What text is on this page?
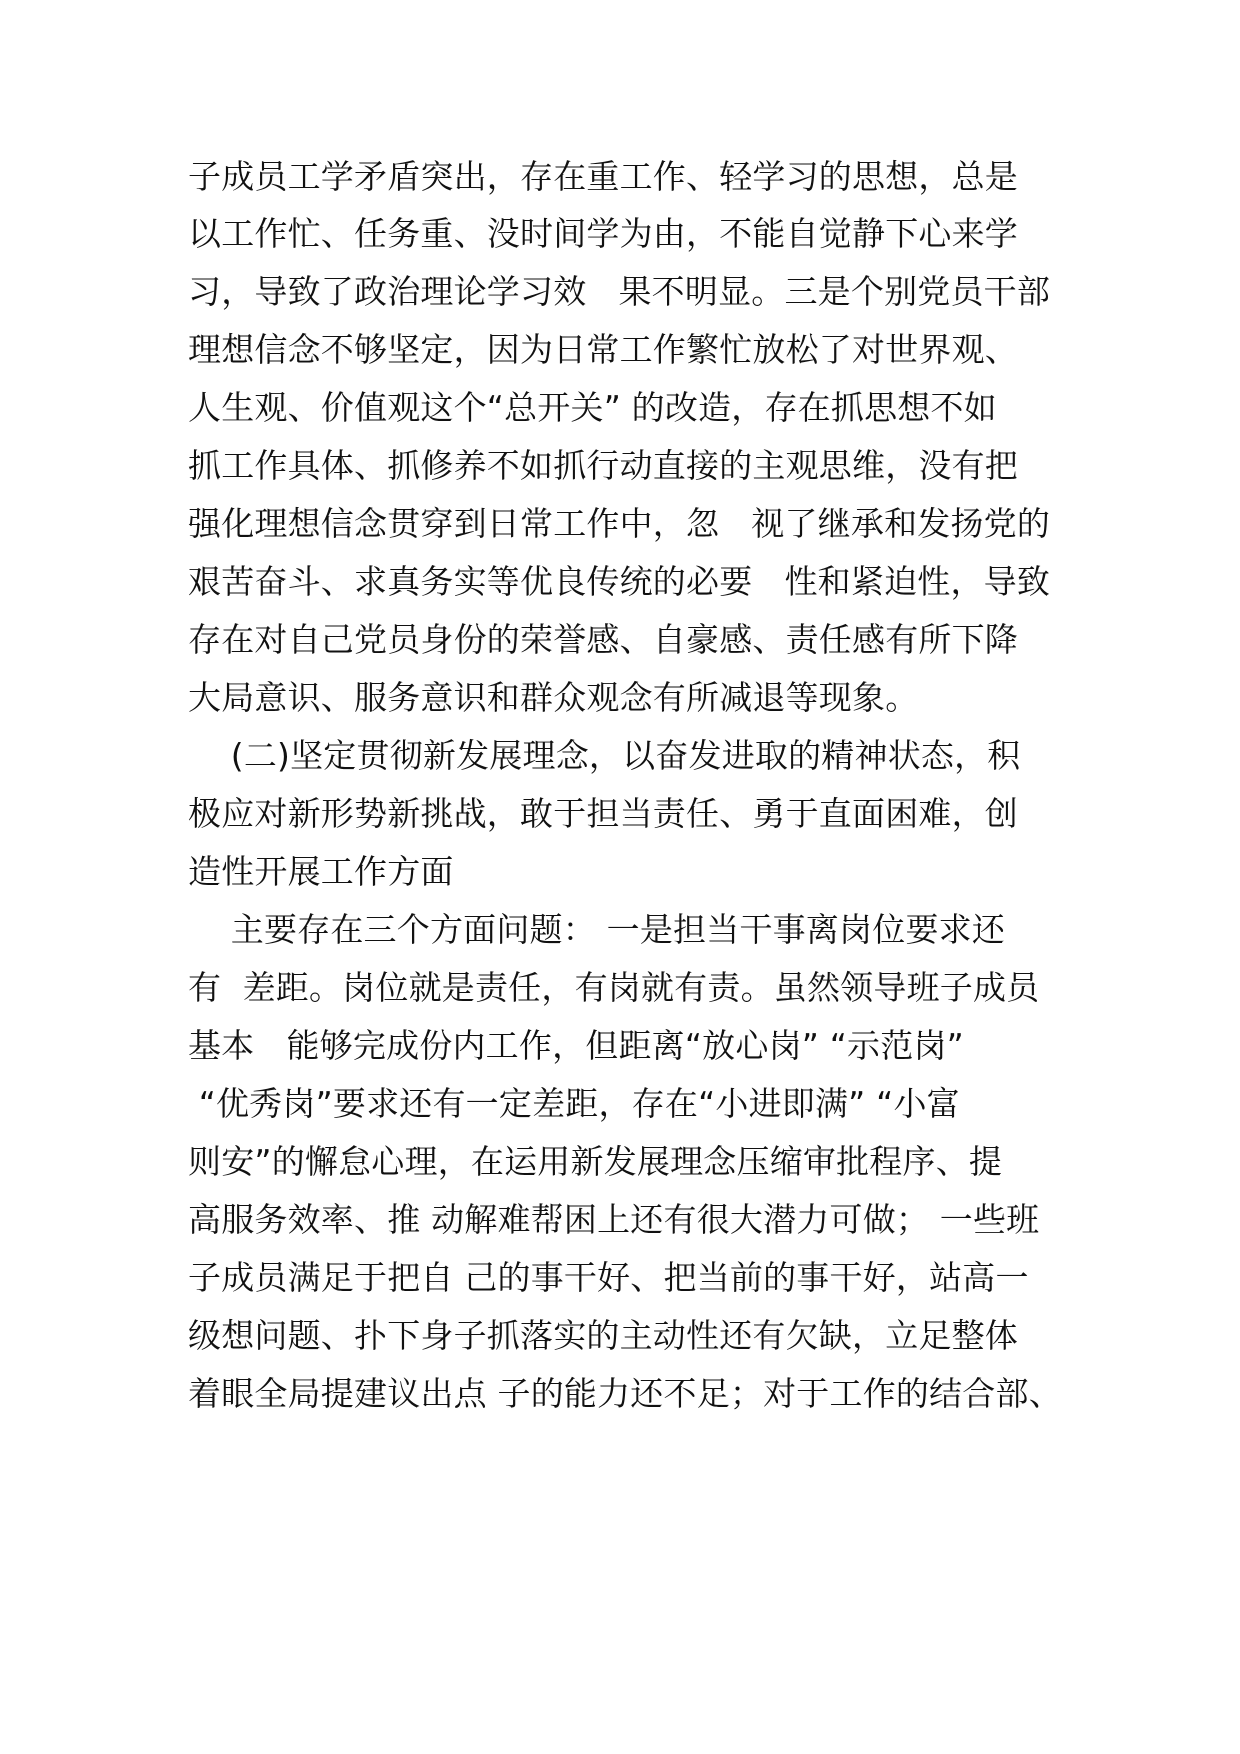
子成员工学矛盾突出，存在重工作、轻学习的思想，总是
以工作忙、任务重、没时间学为由，不能自觉静下心来学
习，导致了政治理论学习效   果不明显。三是个别党员干部
理想信念不够坚定，因为日常工作繁忙放松了对世界观、
人生观、价值观这个“总开关” 的改造，存在抓思想不如
抓工作具体、抓修养不如抓行动直接的主观思维，没有把
强化理想信念贯穿到日常工作中，忽   视了继承和发扬党的
艰苦奋斗、求真务实等优良传统的必要   性和紧迫性，导致
存在对自己党员身份的荣誉感、自豪感、责任感有所下降
大局意识、服务意识和群众观念有所减退等现象。
(二)坚定贯彻新发展理念，以奋发进取的精神状态，积
极应对新形势新挑战，敢于担当责任、勇于直面困难，创
造性开展工作方面
主要存在三个方面问题： 一是担当干事离岗位要求还
有  差距。岗位就是责任，有岗就有责。虽然领导班子成员
基本   能够完成份内工作，但距离“放心岗” “示范岗”
“优秀岗”要求还有一定差距，存在“小进即满” “小富
则安”的懈怠心理，在运用新发展理念压缩审批程序、提
高服务效率、推 动解难帮困上还有很大潜力可做； 一些班
子成员满足于把自 己的事干好、把当前的事干好，站高一
级想问题、扑下身子抓落实的主动性还有欠缺，立足整体
着眼全局提建议出点 子的能力还不足；对于工作的结合部、
